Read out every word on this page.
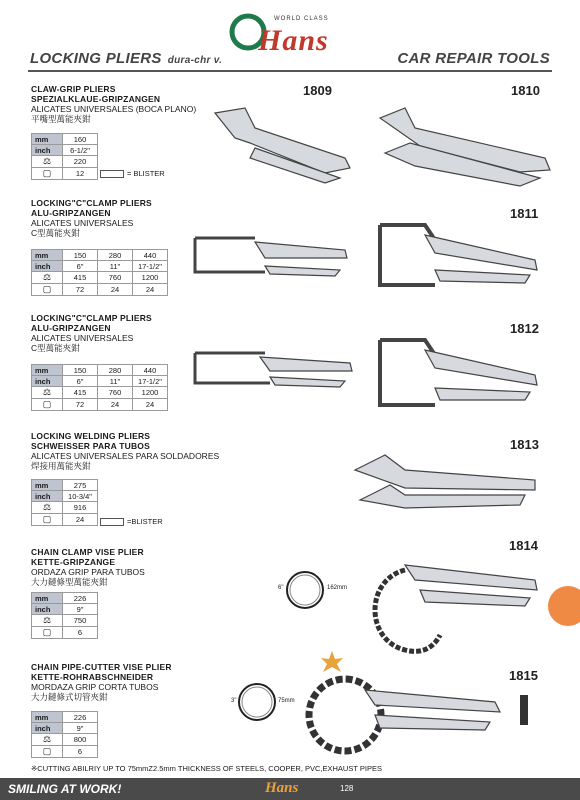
WORLD CLASS
Hans
LOCKING PLIERS dura-chr v.	CAR REPAIR TOOLS
CLAW-GRIP PLIERS
SPEZIALKLAUE-GRIPZANGEN
ALICATES UNIVERSALES (BOCA PLANO)
平嘴型萬能夾鉗
LOCKING"C"CLAMP PLIERS
ALU-GRIPZANGEN
ALICATES UNIVERSALES
C型萬能夾鉗
LOCKING"C"CLAMP PLIERS
ALU-GRIPZANGEN
ALICATES UNIVERSALES
C型萬能夾鉗
LOCKING WELDING PLIERS
SCHWEISSER PARA TUBOS
ALICATES UNIVERSALES PARA SOLDADORES
焊接用萬能夾鉗
CHAIN CLAMP VISE PLIER
KETTE-GRIPZANGE
ORDAZA GRIP PARA TUBOS
大力鏈條型萬能夾鉗
CHAIN PIPE-CUTTER VISE PLIER
KETTE-ROHRABSCHNEIDER
MORDAZA GRIP CORTA TUBOS
大力鏈條式切管夾鉗
※CUTTING ABILRIY UP TO 75mmZ2.5mm THICKNESS OF STEELS, COOPER, PVC,EXHAUST PIPES
SMILING AT WORK!	Hans	128
1809	1810
mm	160
inch	6-1/2"
⚖	220
▢	12	= BLISTER
1811
mm	150	280	440
inch	6"	11"	17-1/2"
⚖	415	760	1200
▢	72	24	24
1812
mm	150	280	440
inch	6"	11"	17-1/2"
⚖	415	760	1200
▢	72	24	24
1813
mm	275
inch	10-3/4"
⚖	916
▢	24	=BLISTER
1814
mm	226
inch	9"
⚖	750
▢	6
6"	162mm
1815
mm	226
inch	9"
⚖	800
▢	6
3"	75mm
